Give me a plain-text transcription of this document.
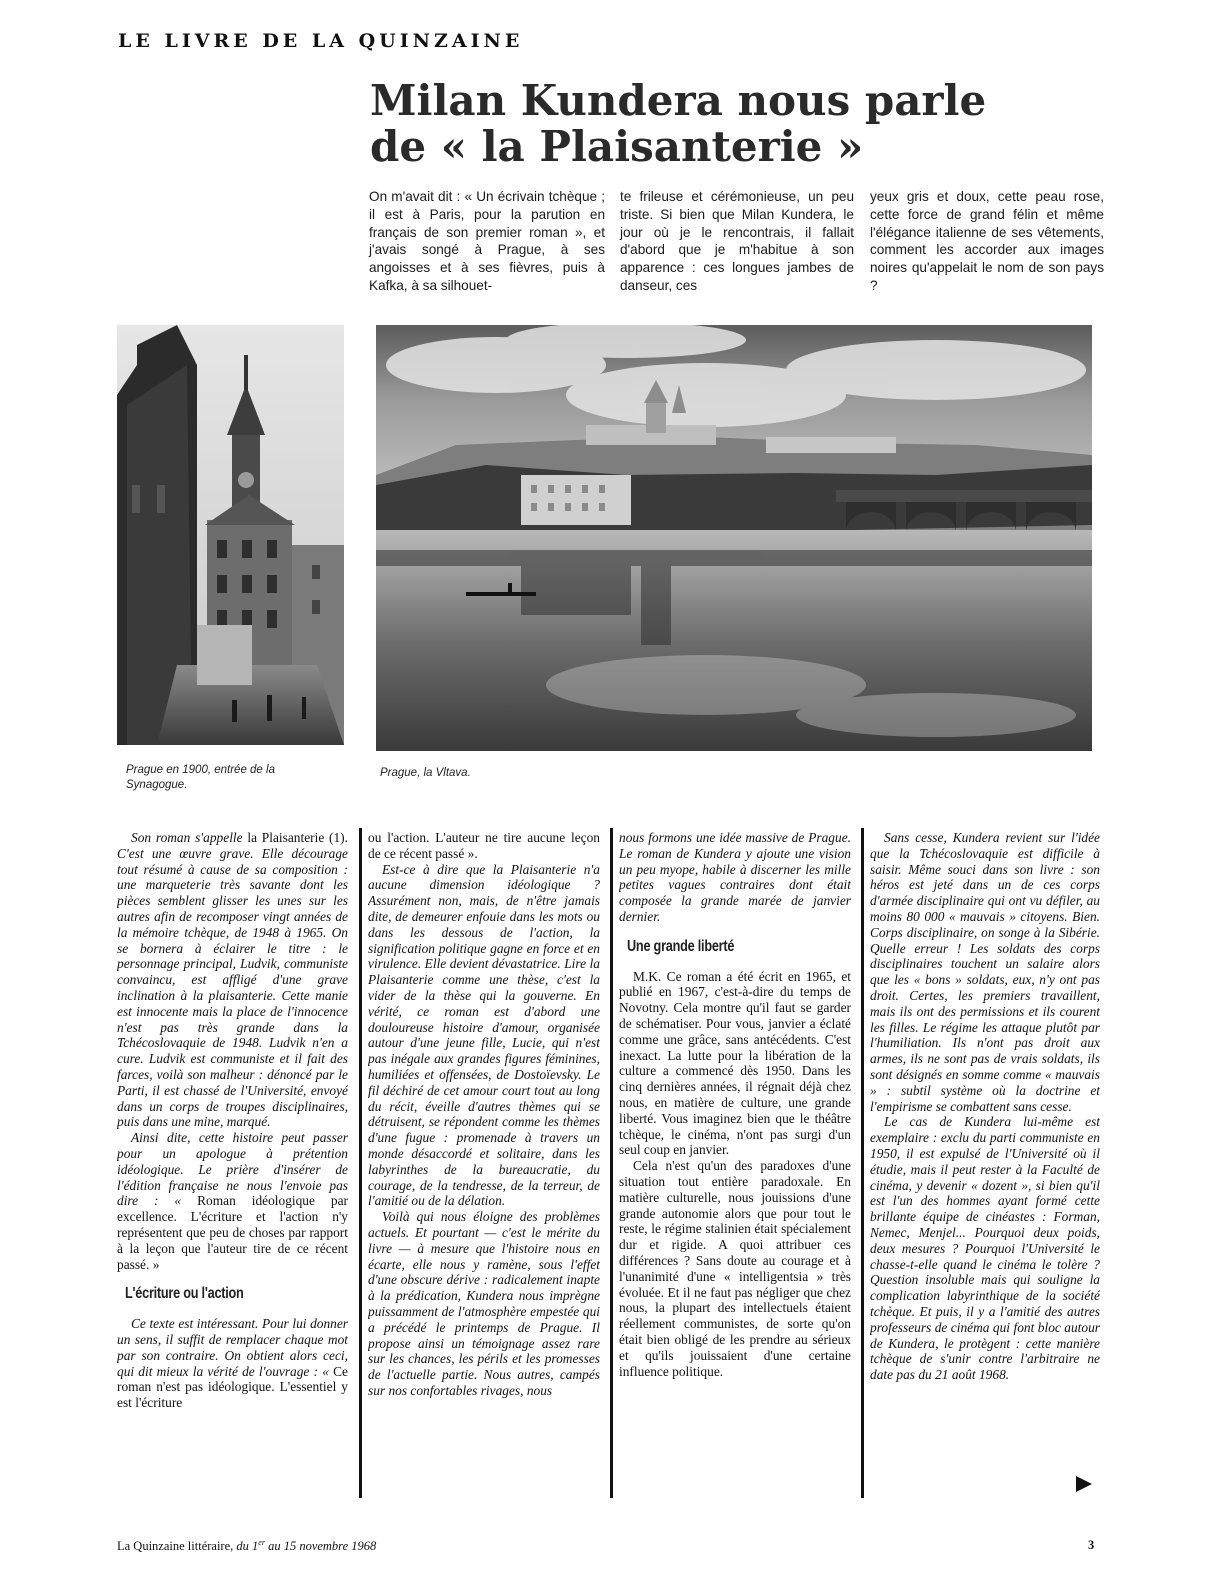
LE LIVRE DE LA QUINZAINE
Milan Kundera nous parle
de « la Plaisanterie »
On m'avait dit : « Un écrivain tchèque ; il est à Paris, pour la parution en français de son premier roman », et j'avais songé à Prague, à ses angoisses et à ses fièvres, puis à Kafka, à sa silhouet-
te frileuse et cérémonieuse, un peu triste. Si bien que Milan Kundera, le jour où je le rencontrais, il fallait d'abord que je m'habitue à son apparence : ces longues jambes de danseur, ces
yeux gris et doux, cette peau rose, cette force de grand félin et même l'élégance italienne de ses vêtements, comment les accorder aux images noires qu'appelait le nom de son pays ?
Prague en 1900, entrée de la Synagogue.
Prague, la Vltava.

Son roman s'appelle la Plaisanterie (1). C'est une œuvre grave. Elle décourage tout résumé à cause de sa composition : une marqueterie très savante dont les pièces semblent glisser les unes sur les autres afin de recomposer vingt années de la mémoire tchèque, de 1948 à 1965. On se bornera à éclairer le titre : le personnage principal, Ludvik, communiste convaincu, est affligé d'une grave inclination à la plaisanterie. Cette manie est innocente mais la place de l'innocence n'est pas très grande dans la Tchécoslovaquie de 1948. Ludvik n'en a cure. Ludvik est communiste et il fait des farces, voilà son malheur : dénoncé par le Parti, il est chassé de l'Université, envoyé dans un corps de troupes disciplinaires, puis dans une mine, marqué.

Ainsi dite, cette histoire peut passer pour un apologue à prétention idéologique. Le prière d'insérer de l'édition française ne nous l'envoie pas dire : « Roman idéologique par excellence. L'écriture et l'action n'y représentent que peu de choses par rapport à la leçon que l'auteur tire de ce récent passé. »

L'écriture ou l'action

Ce texte est intéressant. Pour lui donner un sens, il suffit de remplacer chaque mot par son contraire. On obtient alors ceci, qui dit mieux la vérité de l'ouvrage : « Ce roman n'est pas idéologique. L'essentiel y est l'écriture

ou l'action. L'auteur ne tire aucune leçon de ce récent passé ».

Est-ce à dire que la Plaisanterie n'a aucune dimension idéologique ? Assurément non, mais, de n'être jamais dite, de demeurer enfouie dans les mots ou dans les dessous de l'action, la signification politique gagne en force et en virulence. Elle devient dévastatrice. Lire la Plaisanterie comme une thèse, c'est la vider de la thèse qui la gouverne. En vérité, ce roman est d'abord une douloureuse histoire d'amour, organisée autour d'une jeune fille, Lucie, qui n'est pas inégale aux grandes figures féminines, humiliées et offensées, de Dostoïevsky. Le fil déchiré de cet amour court tout au long du récit, éveille d'autres thèmes qui se détruisent, se répondent comme les thèmes d'une fugue : promenade à travers un monde désaccordé et solitaire, dans les labyrinthes de la bureaucratie, du courage, de la tendresse, de la terreur, de l'amitié ou de la délation.

Voilà qui nous éloigne des problèmes actuels. Et pourtant — c'est le mérite du livre — à mesure que l'histoire nous en écarte, elle nous y ramène, sous l'effet d'une obscure dérive : radicalement inapte à la prédication, Kundera nous imprègne puissamment de l'atmosphère empestée qui a précédé le printemps de Prague. Il propose ainsi un témoignage assez rare sur les chances, les périls et les promesses de l'actuelle partie. Nous autres, campés sur nos confortables rivages, nous

nous formons une idée massive de Prague. Le roman de Kundera y ajoute une vision un peu myope, habile à discerner les mille petites vagues contraires dont était composée la grande marée de janvier dernier.

Une grande liberté

M.K. Ce roman a été écrit en 1965, et publié en 1967, c'est-à-dire du temps de Novotny. Cela montre qu'il faut se garder de schématiser. Pour vous, janvier a éclaté comme une grâce, sans antécédents. C'est inexact. La lutte pour la libération de la culture a commencé dès 1950. Dans les cinq dernières années, il régnait déjà chez nous, en matière de culture, une grande liberté. Vous imaginez bien que le théâtre tchèque, le cinéma, n'ont pas surgi d'un seul coup en janvier.

Cela n'est qu'un des paradoxes d'une situation tout entière paradoxale. En matière culturelle, nous jouissions d'une grande autonomie alors que pour tout le reste, le régime stalinien était spécialement dur et rigide. A quoi attribuer ces différences ? Sans doute au courage et à l'unanimité d'une « intelligentsia » très évoluée. Et il ne faut pas négliger que chez nous, la plupart des intellectuels étaient réellement communistes, de sorte qu'on était bien obligé de les prendre au sérieux et qu'ils jouissaient d'une certaine influence politique.

Sans cesse, Kundera revient sur l'idée que la Tchécoslovaquie est difficile à saisir. Même souci dans son livre : son héros est jeté dans un de ces corps d'armée disciplinaire qui ont vu défiler, au moins 80 000 « mauvais » citoyens. Bien. Corps disciplinaire, on songe à la Sibérie. Quelle erreur ! Les soldats des corps disciplinaires touchent un salaire alors que les « bons » soldats, eux, n'y ont pas droit. Certes, les premiers travaillent, mais ils ont des permissions et ils courent les filles. Le régime les attaque plutôt par l'humiliation. Ils n'ont pas droit aux armes, ils ne sont pas de vrais soldats, ils sont désignés en somme comme « mauvais » : subtil système où la doctrine et l'empirisme se combattent sans cesse.

Le cas de Kundera lui-même est exemplaire : exclu du parti communiste en 1950, il est expulsé de l'Université où il étudie, mais il peut rester à la Faculté de cinéma, y devenir « dozent », si bien qu'il est l'un des hommes ayant formé cette brillante équipe de cinéastes : Forman, Nemec, Menjel... Pourquoi deux poids, deux mesures ? Pourquoi l'Université le chasse-t-elle quand le cinéma le tolère ? Question insoluble mais qui souligne la complication labyrinthique de la société tchèque. Et puis, il y a l'amitié des autres professeurs de cinéma qui font bloc autour de Kundera, le protègent : cette manière tchèque de s'unir contre l'arbitraire ne date pas du 21 août 1968.

La Quinzaine littéraire, du 1er au 15 novembre 1968	3
